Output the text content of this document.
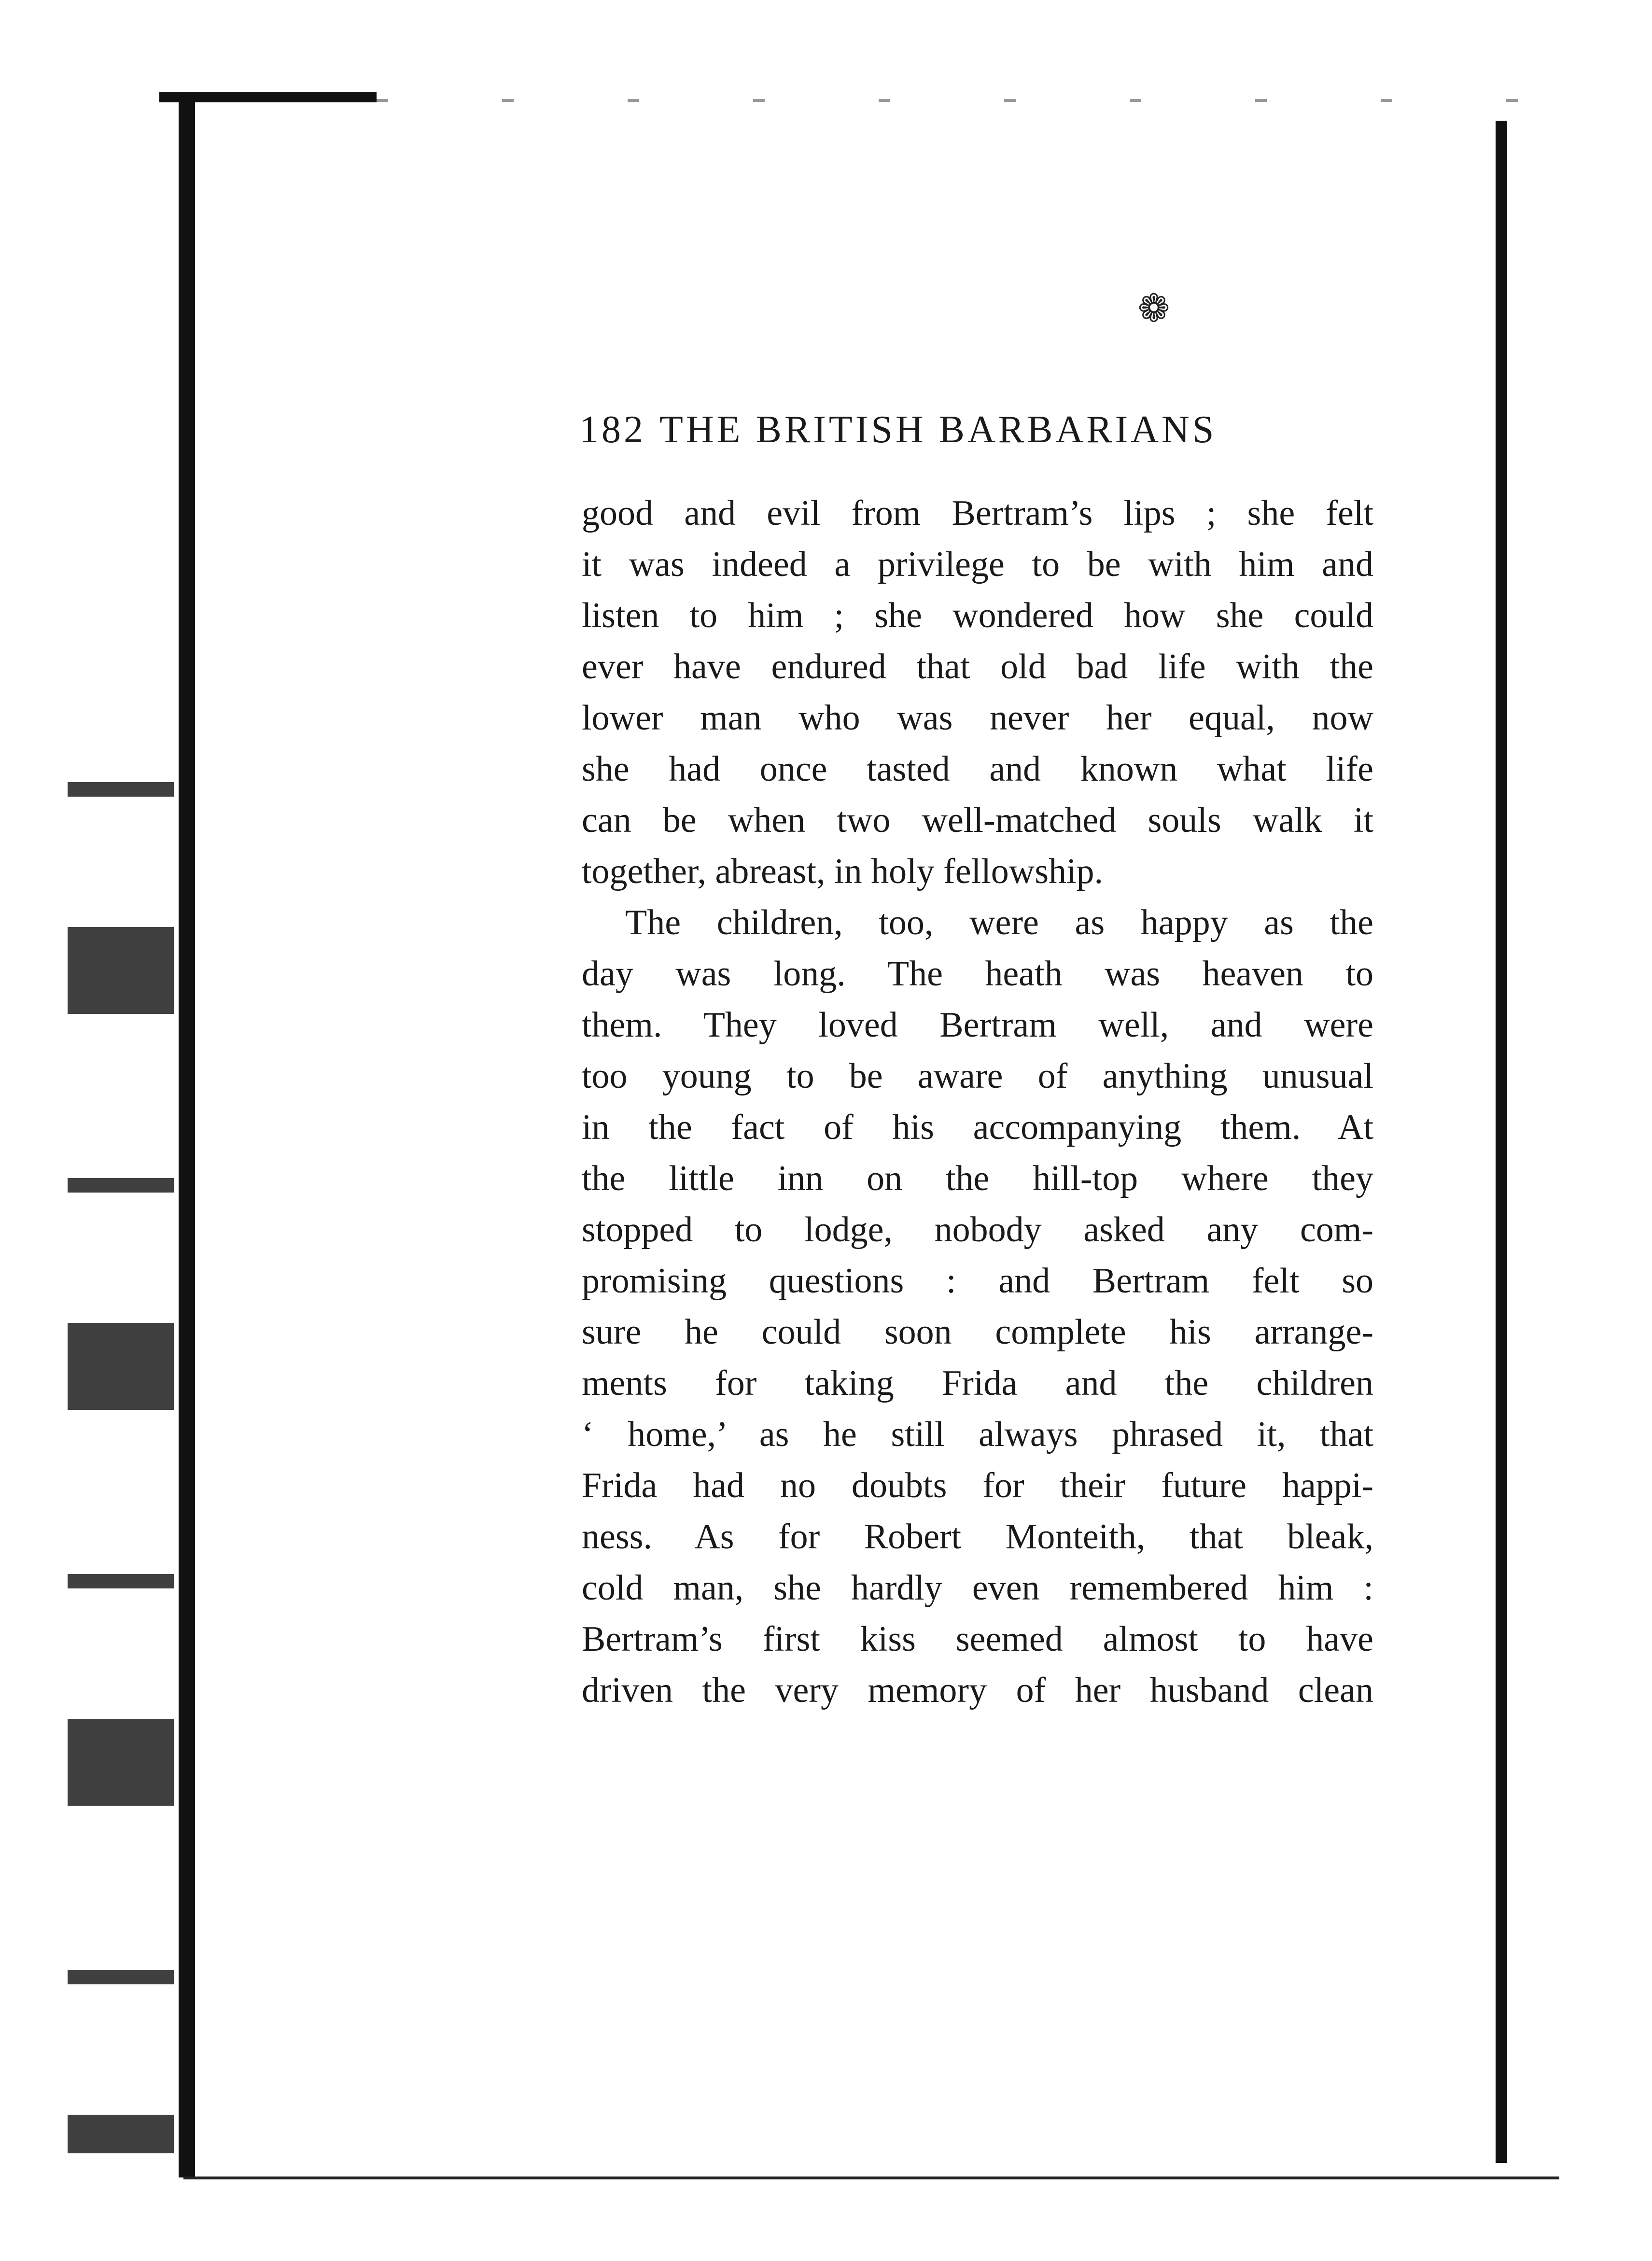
❁
182 THE BRITISH BARBARIANS
good and evil from Bertram’s lips ; she felt
it was indeed a privilege to be with him and
listen to him ; she wondered how she could
ever have endured that old bad life with the
lower man who was never her equal, now
she had once tasted and known what life
can be when two well-matched souls walk it
together, abreast, in holy fellowship.
The children, too, were as happy as the
day was long. The heath was heaven to
them. They loved Bertram well, and were
too young to be aware of anything unusual
in the fact of his accompanying them. At
the little inn on the hill-top where they
stopped to lodge, nobody asked any com-
promising questions : and Bertram felt so
sure he could soon complete his arrange-
ments for taking Frida and the children
‘ home,’ as he still always phrased it, that
Frida had no doubts for their future happi-
ness. As for Robert Monteith, that bleak,
cold man, she hardly even remembered him :
Bertram’s first kiss seemed almost to have
driven the very memory of her husband clean
